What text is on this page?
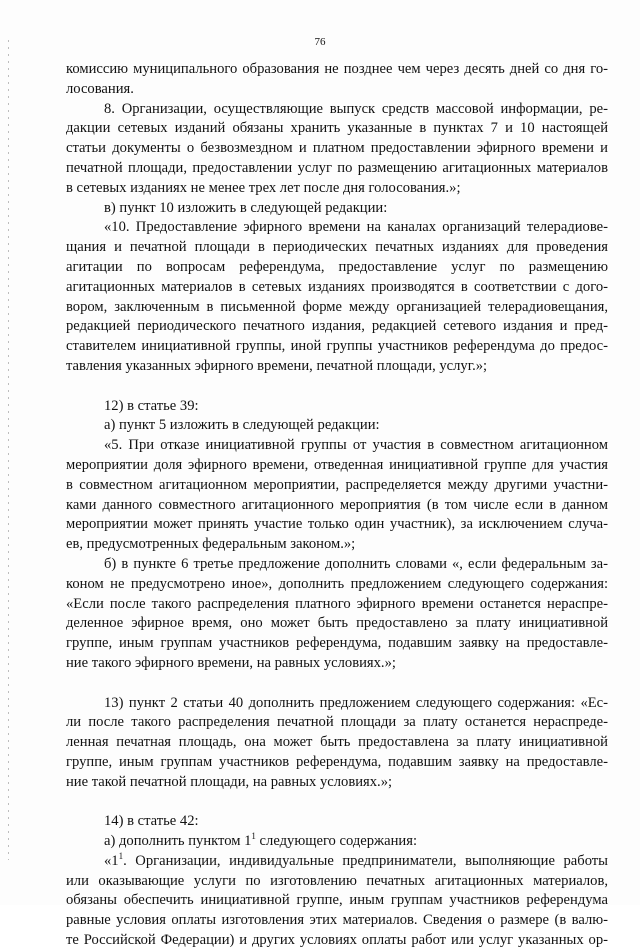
76

комиссию муниципального образования не позднее чем через десять дней со дня го-

лосования.

8. Организации, осуществляющие выпуск средств массовой информации, ре-

дакции сетевых изданий обязаны хранить указанные в пунктах 7 и 10 настоящей

статьи документы о безвозмездном и платном предоставлении эфирного времени и

печатной площади, предоставлении услуг по размещению агитационных материалов

в сетевых изданиях не менее трех лет после дня голосования.»;

в) пункт 10 изложить в следующей редакции:

«10. Предоставление эфирного времени на каналах организаций телерадиове-

щания и печатной площади в периодических печатных изданиях для проведения

агитации по вопросам референдума, предоставление услуг по размещению

агитационных материалов в сетевых изданиях производятся в соответствии с дого-

вором, заключенным в письменной форме между организацией телерадиовещания,

редакцией периодического печатного издания, редакцией сетевого издания и пред-

ставителем инициативной группы, иной группы участников референдума до предос-

тавления указанных эфирного времени, печатной площади, услуг.»;

12) в статье 39:

а) пункт 5 изложить в следующей редакции:

«5. При отказе инициативной группы от участия в совместном агитационном

мероприятии доля эфирного времени, отведенная инициативной группе для участия

в совместном агитационном мероприятии, распределяется между другими участни-

ками данного совместного агитационного мероприятия (в том числе если в данном

мероприятии может принять участие только один участник), за исключением случа-

ев, предусмотренных федеральным законом.»;

б) в пункте 6 третье предложение дополнить словами «, если федеральным за-

коном не предусмотрено иное», дополнить предложением следующего содержания:

«Если после такого распределения платного эфирного времени останется нераспре-

деленное эфирное время, оно может быть предоставлено за плату инициативной

группе, иным группам участников референдума, подавшим заявку на предоставле-

ние такого эфирного времени, на равных условиях.»;

13) пункт 2 статьи 40 дополнить предложением следующего содержания: «Ес-

ли после такого распределения печатной площади за плату останется нераспреде-

ленная печатная площадь, она может быть предоставлена за плату инициативной

группе, иным группам участников референдума, подавшим заявку на предоставле-

ние такой печатной площади, на равных условиях.»;

14) в статье 42:

а) дополнить пунктом $1^1$ следующего содержания:

«$1^1$. Организации, индивидуальные предприниматели, выполняющие работы

или оказывающие услуги по изготовлению печатных агитационных материалов,

обязаны обеспечить инициативной группе, иным группам участников референдума

равные условия оплаты изготовления этих материалов. Сведения о размере (в валю-

те Российской Федерации) и других условиях оплаты работ или услуг указанных ор-
